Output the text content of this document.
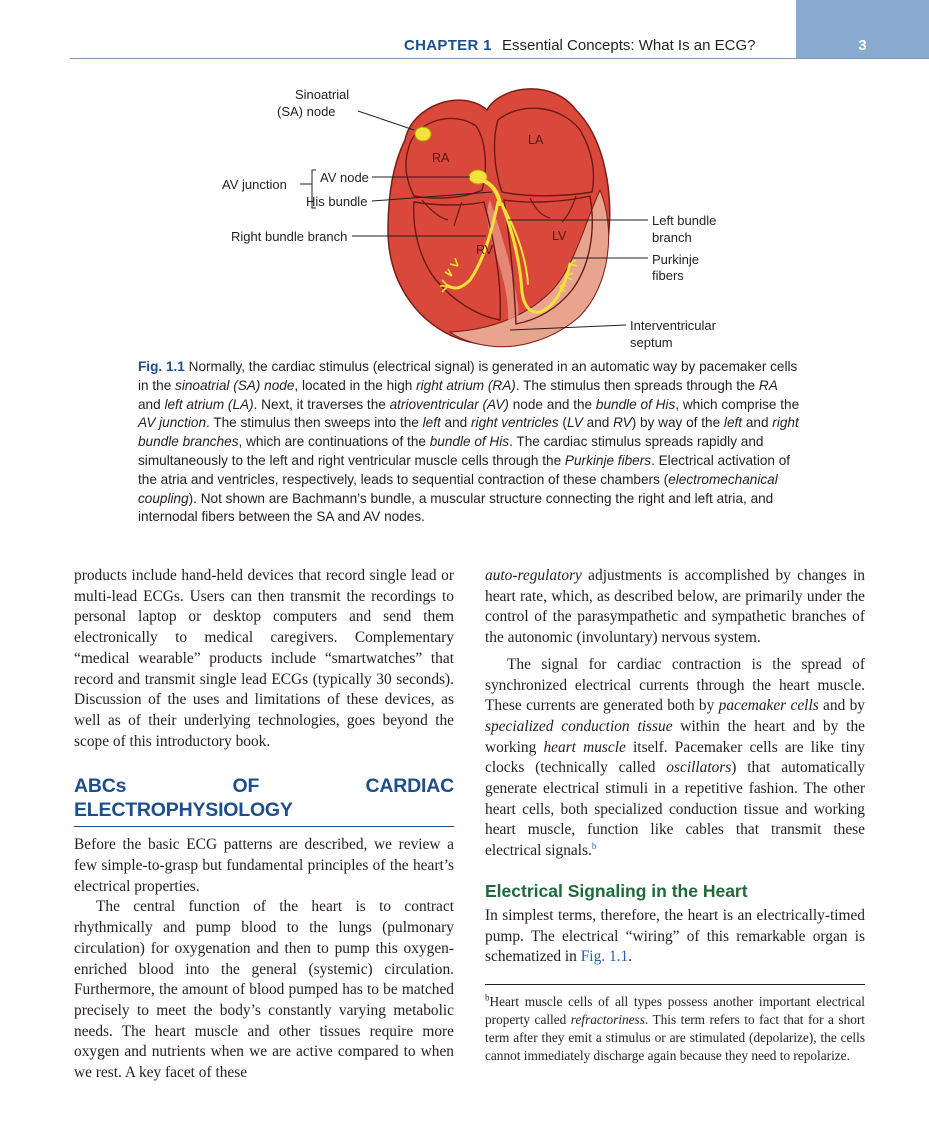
CHAPTER 1 Essential Concepts: What Is an ECG?	3
RA
LA
RV
LV
Sinoatrial
(SA) node
AV junction	AV node
His bundle
Right bundle branch
Left bundle
branch
Purkinje
fibers
Interventricular
septum
Fig. 1.1 Normally, the cardiac stimulus (electrical signal) is generated in an automatic way by pacemaker cells in the sinoatrial (SA) node, located in the high right atrium (RA). The stimulus then spreads through the RA and left atrium (LA). Next, it traverses the atrioventricular (AV) node and the bundle of His, which comprise the AV junction. The stimulus then sweeps into the left and right ventricles (LV and RV) by way of the left and right bundle branches, which are continuations of the bundle of His. The cardiac stimulus spreads rapidly and simultaneously to the left and right ventricular muscle cells through the Purkinje fibers. Electrical activation of the atria and ventricles, respectively, leads to sequential contraction of these chambers (electromechanical coupling). Not shown are Bachmann’s bundle, a muscular structure connecting the right and left atria, and internodal fibers between the SA and AV nodes.

products include hand-held devices that record single lead or multi-lead ECGs. Users can then transmit the recordings to personal laptop or desktop computers and send them electronically to medical caregivers. Complementary “medical wearable” products include “smartwatches” that record and transmit single lead ECGs (typically 30 seconds). Discussion of the uses and limitations of these devices, as well as of their underlying technologies, goes beyond the scope of this introductory book.

ABCs OF CARDIAC ELECTROPHYSIOLOGY

Before the basic ECG patterns are described, we review a few simple-to-grasp but fundamental principles of the heart’s electrical properties.

The central function of the heart is to contract rhythmically and pump blood to the lungs (pulmonary circulation) for oxygenation and then to pump this oxygen-enriched blood into the general (systemic) circulation. Furthermore, the amount of blood pumped has to be matched precisely to meet the body’s constantly varying metabolic needs. The heart muscle and other tissues require more oxygen and nutrients when we are active compared to when we rest. A key facet of these

auto-regulatory adjustments is accomplished by changes in heart rate, which, as described below, are primarily under the control of the parasympathetic and sympathetic branches of the autonomic (involuntary) nervous system.

The signal for cardiac contraction is the spread of synchronized electrical currents through the heart muscle. These currents are generated both by pacemaker cells and by specialized conduction tissue within the heart and by the working heart muscle itself. Pacemaker cells are like tiny clocks (technically called oscillators) that automatically generate electrical stimuli in a repetitive fashion. The other heart cells, both specialized conduction tissue and working heart muscle, function like cables that transmit these electrical signals.$^b$

Electrical Signaling in the Heart

In simplest terms, therefore, the heart is an electrically-timed pump. The electrical “wiring” of this remarkable organ is schematized in Fig. 1.1.

$^b$Heart muscle cells of all types possess another important electrical property called refractoriness. This term refers to fact that for a short term after they emit a stimulus or are stimulated (depolarize), the cells cannot immediately discharge again because they need to repolarize.
